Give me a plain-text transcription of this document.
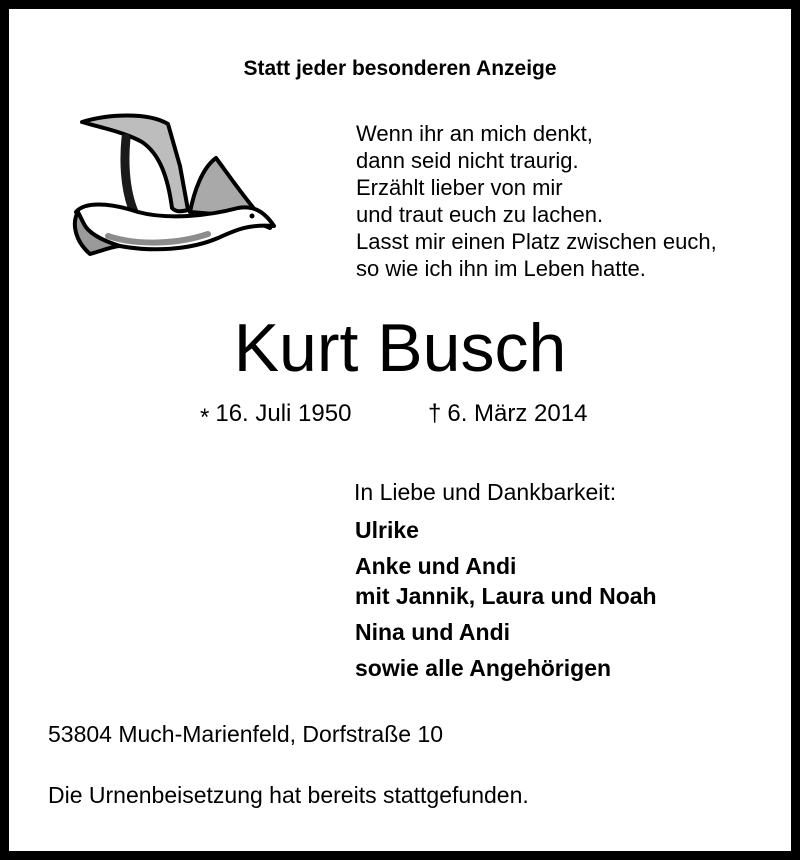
Statt jeder besonderen Anzeige
Wenn ihr an mich denkt,
dann seid nicht traurig.
Erzählt lieber von mir
und traut euch zu lachen.
Lasst mir einen Platz zwischen euch,
so wie ich ihn im Leben hatte.
Kurt Busch
* 16. Juli 1950	† 6. März 2014
In Liebe und Dankbarkeit:
Ulrike
Anke und Andi
mit Jannik, Laura und Noah
Nina und Andi
sowie alle Angehörigen
53804 Much-Marienfeld, Dorfstraße 10
Die Urnenbeisetzung hat bereits stattgefunden.
